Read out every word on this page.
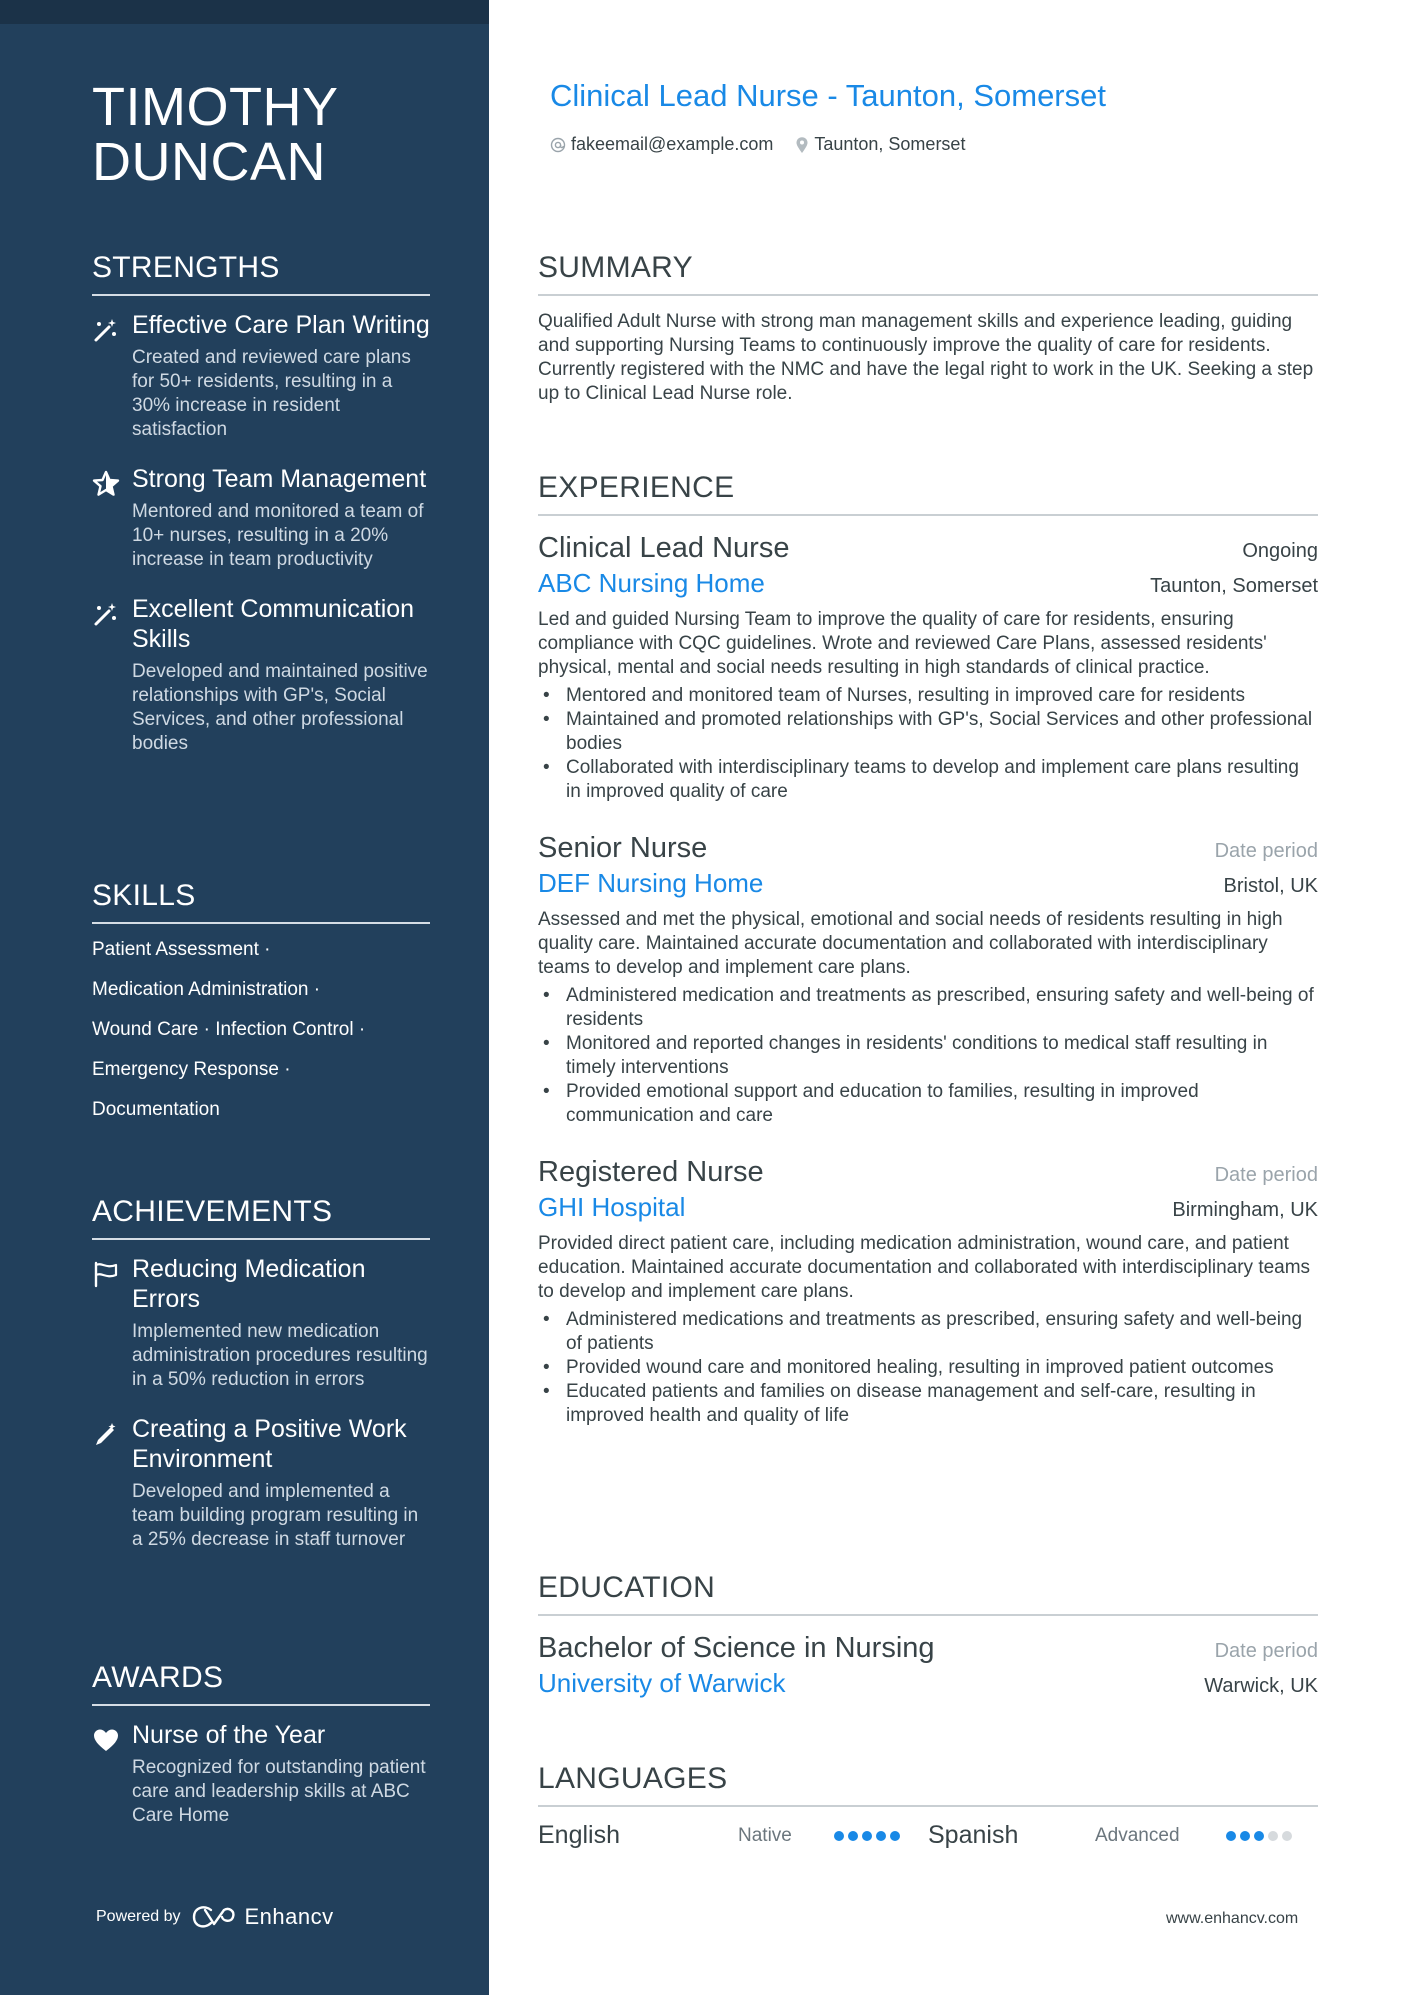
TIMOTHY
DUNCAN
STRENGTHS
Effective Care Plan Writing
Created and reviewed care plans for 50+ residents, resulting in a 30% increase in resident satisfaction
Strong Team Management
Mentored and monitored a team of 10+ nurses, resulting in a 20% increase in team productivity
Excellent Communication Skills
Developed and maintained positive relationships with GP's, Social Services, and other professional bodies
SKILLS
Patient Assessment ·
Medication Administration ·
Wound Care · Infection Control ·
Emergency Response ·
Documentation
ACHIEVEMENTS
Reducing Medication Errors
Implemented new medication administration procedures resulting in a 50% reduction in errors
Creating a Positive Work Environment
Developed and implemented a team building program resulting in a 25% decrease in staff turnover
AWARDS
Nurse of the Year
Recognized for outstanding patient care and leadership skills at ABC Care Home
Powered by	Enhancv
Clinical Lead Nurse - Taunton, Somerset
fakeemail@example.com Taunton, Somerset
SUMMARY
Qualified Adult Nurse with strong man management skills and experience leading, guiding and supporting Nursing Teams to continuously improve the quality of care for residents. Currently registered with the NMC and have the legal right to work in the UK. Seeking a step up to Clinical Lead Nurse role.
EXPERIENCE
Clinical Lead Nurse	Ongoing
ABC Nursing Home	Taunton, Somerset
Led and guided Nursing Team to improve the quality of care for residents, ensuring compliance with CQC guidelines. Wrote and reviewed Care Plans, assessed residents' physical, mental and social needs resulting in high standards of clinical practice.
• Mentored and monitored team of Nurses, resulting in improved care for residents
• Maintained and promoted relationships with GP's, Social Services and other professional bodies
• Collaborated with interdisciplinary teams to develop and implement care plans resulting in improved quality of care
Senior Nurse	Date period
DEF Nursing Home	Bristol, UK
Assessed and met the physical, emotional and social needs of residents resulting in high quality care. Maintained accurate documentation and collaborated with interdisciplinary teams to develop and implement care plans.
• Administered medication and treatments as prescribed, ensuring safety and well-being of residents
• Monitored and reported changes in residents' conditions to medical staff resulting in timely interventions
• Provided emotional support and education to families, resulting in improved communication and care
Registered Nurse	Date period
GHI Hospital	Birmingham, UK
Provided direct patient care, including medication administration, wound care, and patient education. Maintained accurate documentation and collaborated with interdisciplinary teams to develop and implement care plans.
• Administered medications and treatments as prescribed, ensuring safety and well-being of patients
• Provided wound care and monitored healing, resulting in improved patient outcomes
• Educated patients and families on disease management and self-care, resulting in improved health and quality of life
EDUCATION
Bachelor of Science in Nursing	Date period
University of Warwick	Warwick, UK
LANGUAGES
English	Native	Spanish	Advanced
www.enhancv.com
